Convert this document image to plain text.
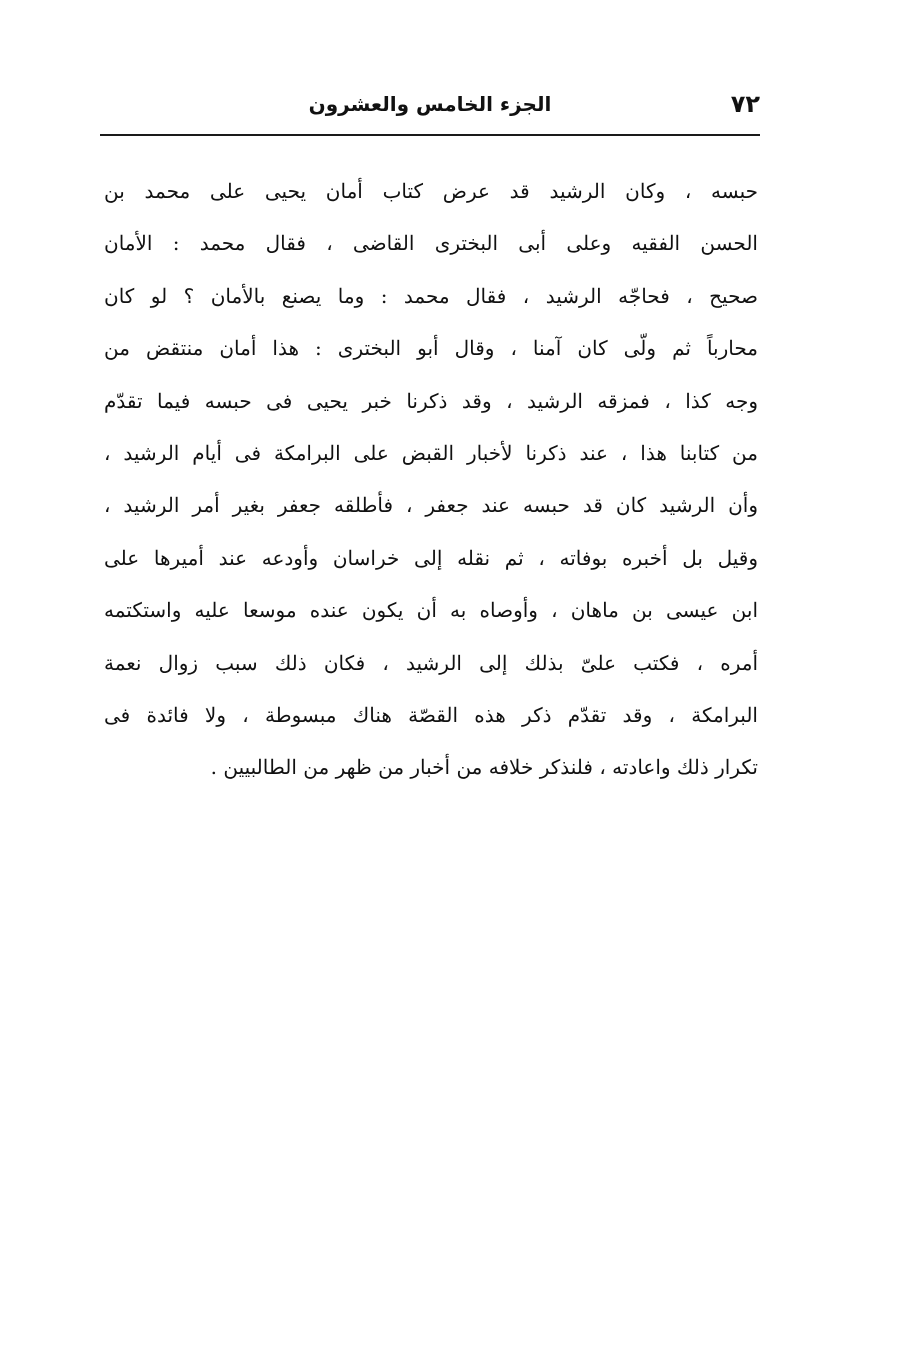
٧٢
الجزء الخامس والعشرون
حبسه ، وكان الرشيد قد عرض كتاب أمان يحيى على محمد بن
الحسن الفقيه وعلى أبى البخترى القاضى ، فقال محمد : الأمان
صحيح ، فحاجّه الرشيد ، فقال محمد : وما يصنع بالأمان ؟ لو كان
محارباً ثم ولّى كان آمنا ، وقال أبو البخترى : هذا أمان منتقض من
وجه كذا ، فمزقه الرشيد ، وقد ذكرنا خبر يحيى فى حبسه فيما تقدّم
من كتابنا هذا ، عند ذكرنا لأخبار القبض على البرامكة فى أيام الرشيد ،
وأن الرشيد كان قد حبسه عند جعفر ، فأطلقه جعفر بغير أمر الرشيد ،
وقيل بل أخبره بوفاته ، ثم نقله إلى خراسان وأودعه عند أميرها على
ابن عيسى بن ماهان ، وأوصاه به أن يكون عنده موسعا عليه واستكتمه
أمره ، فكتب علىّ بذلك إلى الرشيد ، فكان ذلك سبب زوال نعمة
البرامكة ، وقد تقدّم ذكر هذه القصّة هناك مبسوطة ، ولا فائدة فى
تكرار ذلك واعادته ، فلنذكر خلافه من أخبار من ظهر من الطالبيين .
